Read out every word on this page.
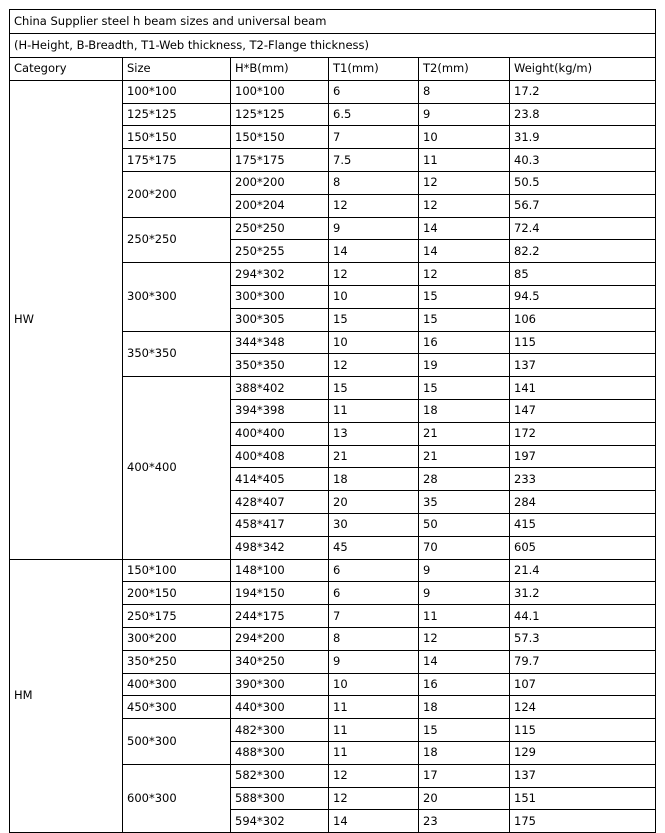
China Supplier steel h beam sizes and universal beam					
(H-Height, B-Breadth, T1-Web thickness, T2-Flange thickness)					
Category	Size	H*B(mm)	T1(mm)	T2(mm)	Weight(kg/m)
HW	100*100	100*100	6	8	17.2
	125*125	125*125	6.5	9	23.8
	150*150	150*150	7	10	31.9
	175*175	175*175	7.5	11	40.3
	200*200	200*200	8	12	50.5
		200*204	12	12	56.7
	250*250	250*250	9	14	72.4
		250*255	14	14	82.2
	300*300	294*302	12	12	85
		300*300	10	15	94.5
		300*305	15	15	106
	350*350	344*348	10	16	115
		350*350	12	19	137
	400*400	388*402	15	15	141
		394*398	11	18	147
		400*400	13	21	172
		400*408	21	21	197
		414*405	18	28	233
		428*407	20	35	284
		458*417	30	50	415
		498*342	45	70	605
HM	150*100	148*100	6	9	21.4
	200*150	194*150	6	9	31.2
	250*175	244*175	7	11	44.1
	300*200	294*200	8	12	57.3
	350*250	340*250	9	14	79.7
	400*300	390*300	10	16	107
	450*300	440*300	11	18	124
	500*300	482*300	11	15	115
		488*300	11	18	129
	600*300	582*300	12	17	137
		588*300	12	20	151
		594*302	14	23	175
